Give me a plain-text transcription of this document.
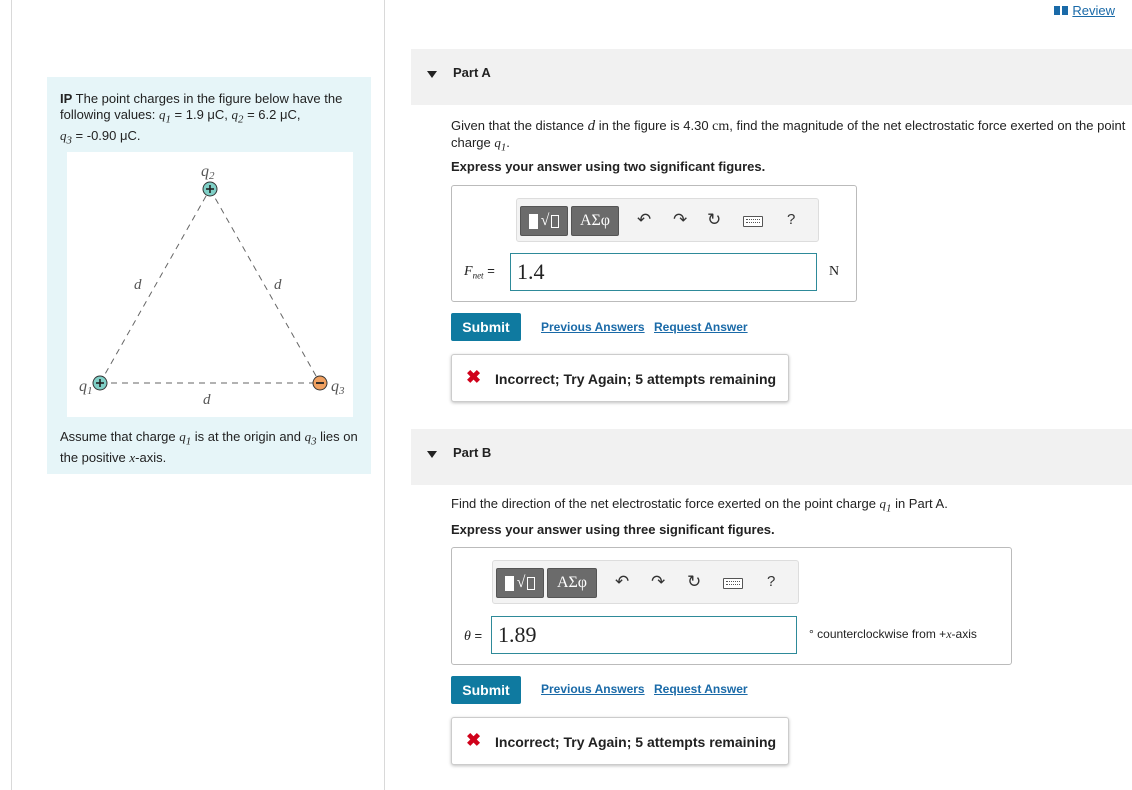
Review
IP The point charges in the figure below have the following values: $q_1 = 1.9$ μC, $q_2 = 6.2$ μC,
$q_3 = -0.90$ μC.
q1
q2
q3
d	d
d
Assume that charge $q_1$ is at the origin and $q_3$ lies on the positive x-axis.
Part A
Given that the distance d in the figure is 4.30 cm, find the magnitude of the net electrostatic force exerted on the point charge $q_1$.
Express your answer using two significant figures.
√	ΑΣφ	↶ ↷ ↻	?
$F_{net}$ =	1.4	N
Submit	Previous Answers Request Answer
✖ Incorrect; Try Again; 5 attempts remaining
Part B
Find the direction of the net electrostatic force exerted on the point charge $q_1$ in Part A.
Express your answer using three significant figures.
√	ΑΣφ	↶ ↷ ↻	?
θ = 1.89	° counterclockwise from +x-axis
Submit	Previous Answers Request Answer
✖ Incorrect; Try Again; 5 attempts remaining
